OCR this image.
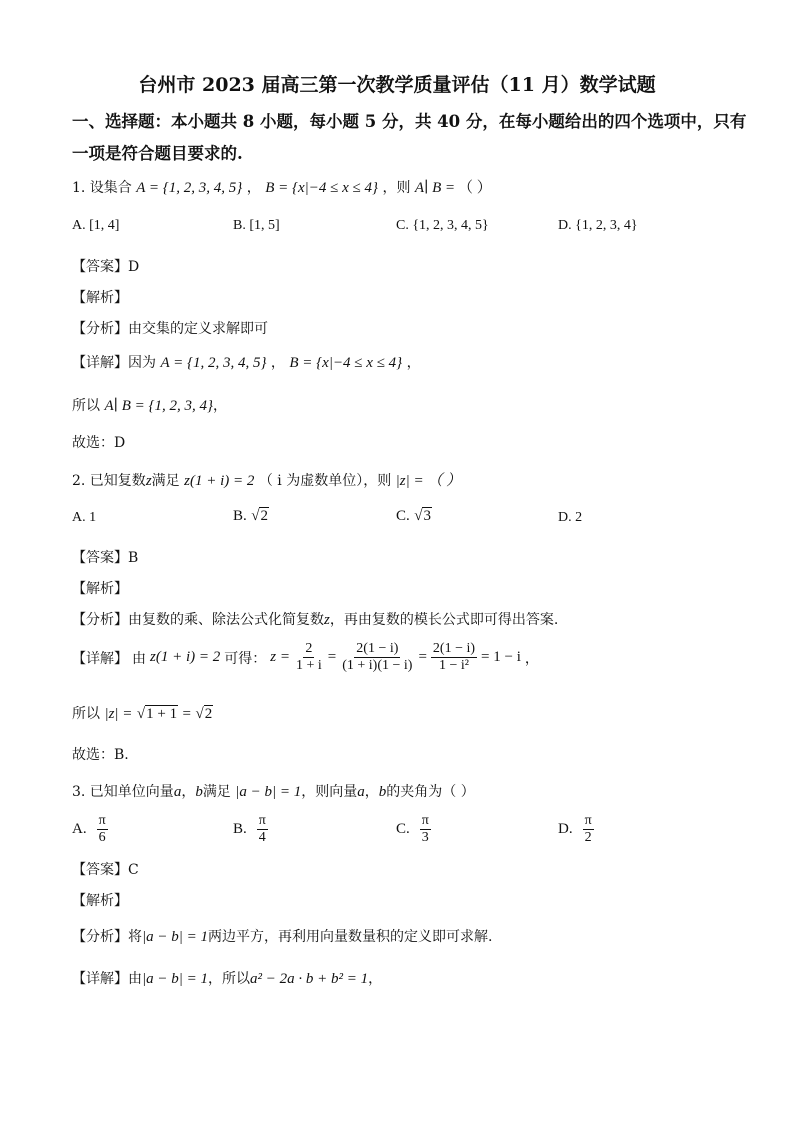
台州市 2023 届高三第一次教学质量评估（11 月）数学试题
一、选择题：本小题共 8 小题，每小题 5 分，共 40 分，在每小题给出的四个选项中，只有
一项是符合题目要求的.
1. 设集合 A = {1, 2, 3, 4, 5} ， B = {x|−4 ≤ x ≤ 4} ，则 A∣ B = （ ）
A. [1, 4]	B. [1, 5]	C. {1, 2, 3, 4, 5}	D. {1, 2, 3, 4}
【答案】D
【解析】
【分析】由交集的定义求解即可
【详解】因为 A = {1, 2, 3, 4, 5} ， B = {x|−4 ≤ x ≤ 4} ，
所以 A∣ B = {1, 2, 3, 4}，
故选：D
2. 已知复数z满足 z(1 + i) = 2 （ i 为虚数单位），则 |z| = （ ）
A. 1	B. √2	C. √3	D. 2
【答案】B
【解析】
【分析】由复数的乘、除法公式化简复数z，再由复数的模长公式即可得出答案.
【详解】 由 z(1 + i) = 2 可得： $z = \frac{2}{1 + i} = \frac{2(1 - i)}{(1 + i)(1 - i)} = \frac{2(1 - i)}{\text{1 − i²}} = 1 - i$ ，
所以 |z| = √1 + 1 = √2
故选：B.
3. 已知单位向量a，b满足 |a − b| = 1，则向量a，b的夹角为（ ）
A. $\frac{\pi}{6}$	B. $\frac{\pi}{4}$	C. $\frac{\pi}{3}$	D. $\frac{\pi}{2}$
【答案】C
【解析】
【分析】将|a − b| = 1两边平方，再利用向量数量积的定义即可求解.
【详解】由|a − b| = 1，所以a² − 2a · b + b² = 1，
